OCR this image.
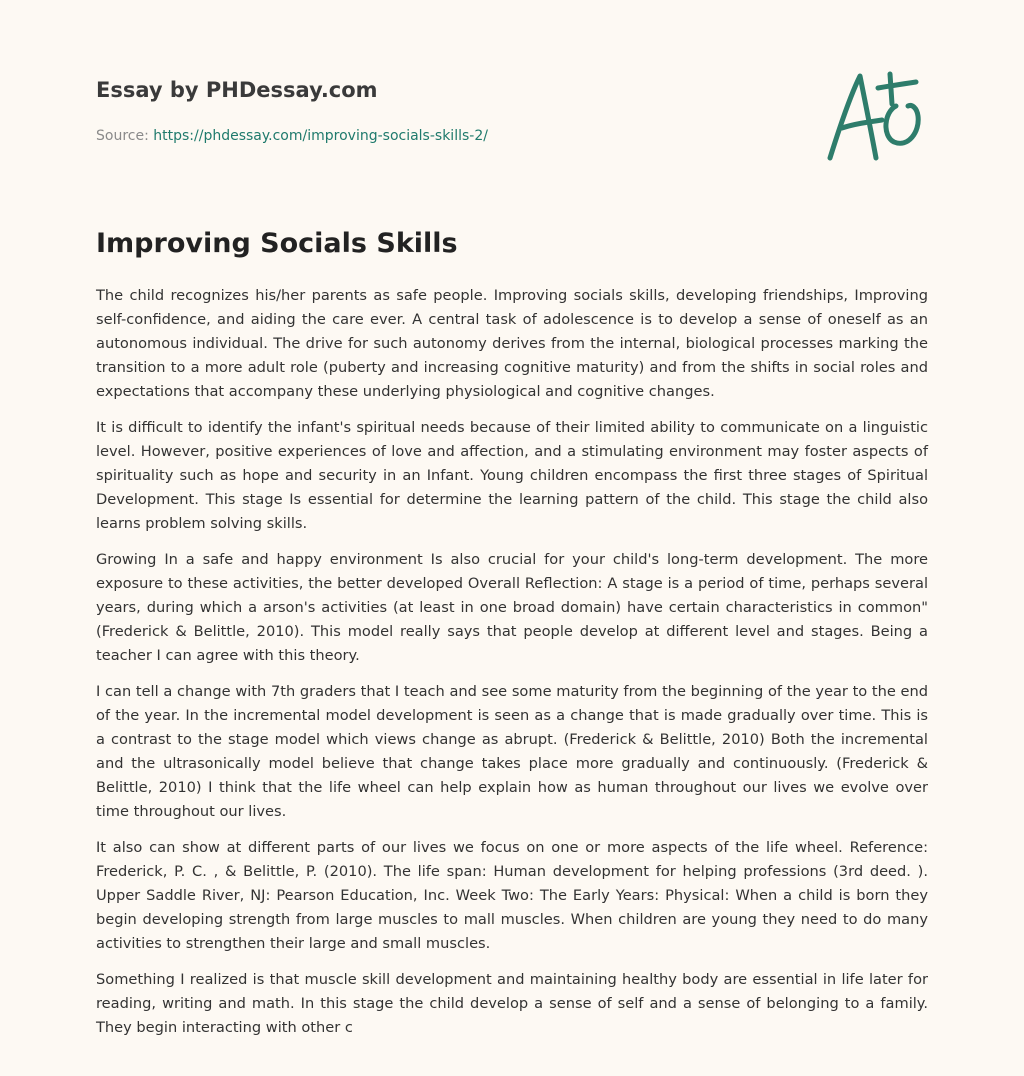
Essay by PHDessay.com
Source: https://phdessay.com/improving-socials-skills-2/
Improving Socials Skills

The child recognizes his/her parents as safe people. Improving socials skills, developing friendships, Improving self-confidence, and aiding the care ever. A central task of adolescence is to develop a sense of oneself as an autonomous individual. The drive for such autonomy derives from the internal, biological processes marking the transition to a more adult role (puberty and increasing cognitive maturity) and from the shifts in social roles and expectations that accompany these underlying physiological and cognitive changes.

It is difficult to identify the infant's spiritual needs because of their limited ability to communicate on a linguistic level. However, positive experiences of love and affection, and a stimulating environment may foster aspects of spirituality such as hope and security in an Infant. Young children encompass the first three stages of Spiritual Development. This stage Is essential for determine the learning pattern of the child. This stage the child also learns problem solving skills.

Growing In a safe and happy environment Is also crucial for your child's long-term development. The more exposure to these activities, the better developed Overall Reflection: A stage is a period of time, perhaps several years, during which a arson's activities (at least in one broad domain) have certain characteristics in common" (Frederick & Belittle, 2010). This model really says that people develop at different level and stages. Being a teacher I can agree with this theory.

I can tell a change with 7th graders that I teach and see some maturity from the beginning of the year to the end of the year. In the incremental model development is seen as a change that is made gradually over time. This is a contrast to the stage model which views change as abrupt. (Frederick & Belittle, 2010) Both the incremental and the ultrasonically model believe that change takes place more gradually and continuously. (Frederick & Belittle, 2010) I think that the life wheel can help explain how as human throughout our lives we evolve over time throughout our lives.

It also can show at different parts of our lives we focus on one or more aspects of the life wheel. Reference: Frederick, P. C. , & Belittle, P. (2010). The life span: Human development for helping professions (3rd deed. ). Upper Saddle River, NJ: Pearson Education, Inc. Week Two: The Early Years: Physical: When a child is born they begin developing strength from large muscles to mall muscles. When children are young they need to do many activities to strengthen their large and small muscles.

Something I realized is that muscle skill development and maintaining healthy body are essential in life later for reading, writing and math. In this stage the child develop a sense of self and a sense of belonging to a family. They begin interacting with other c
